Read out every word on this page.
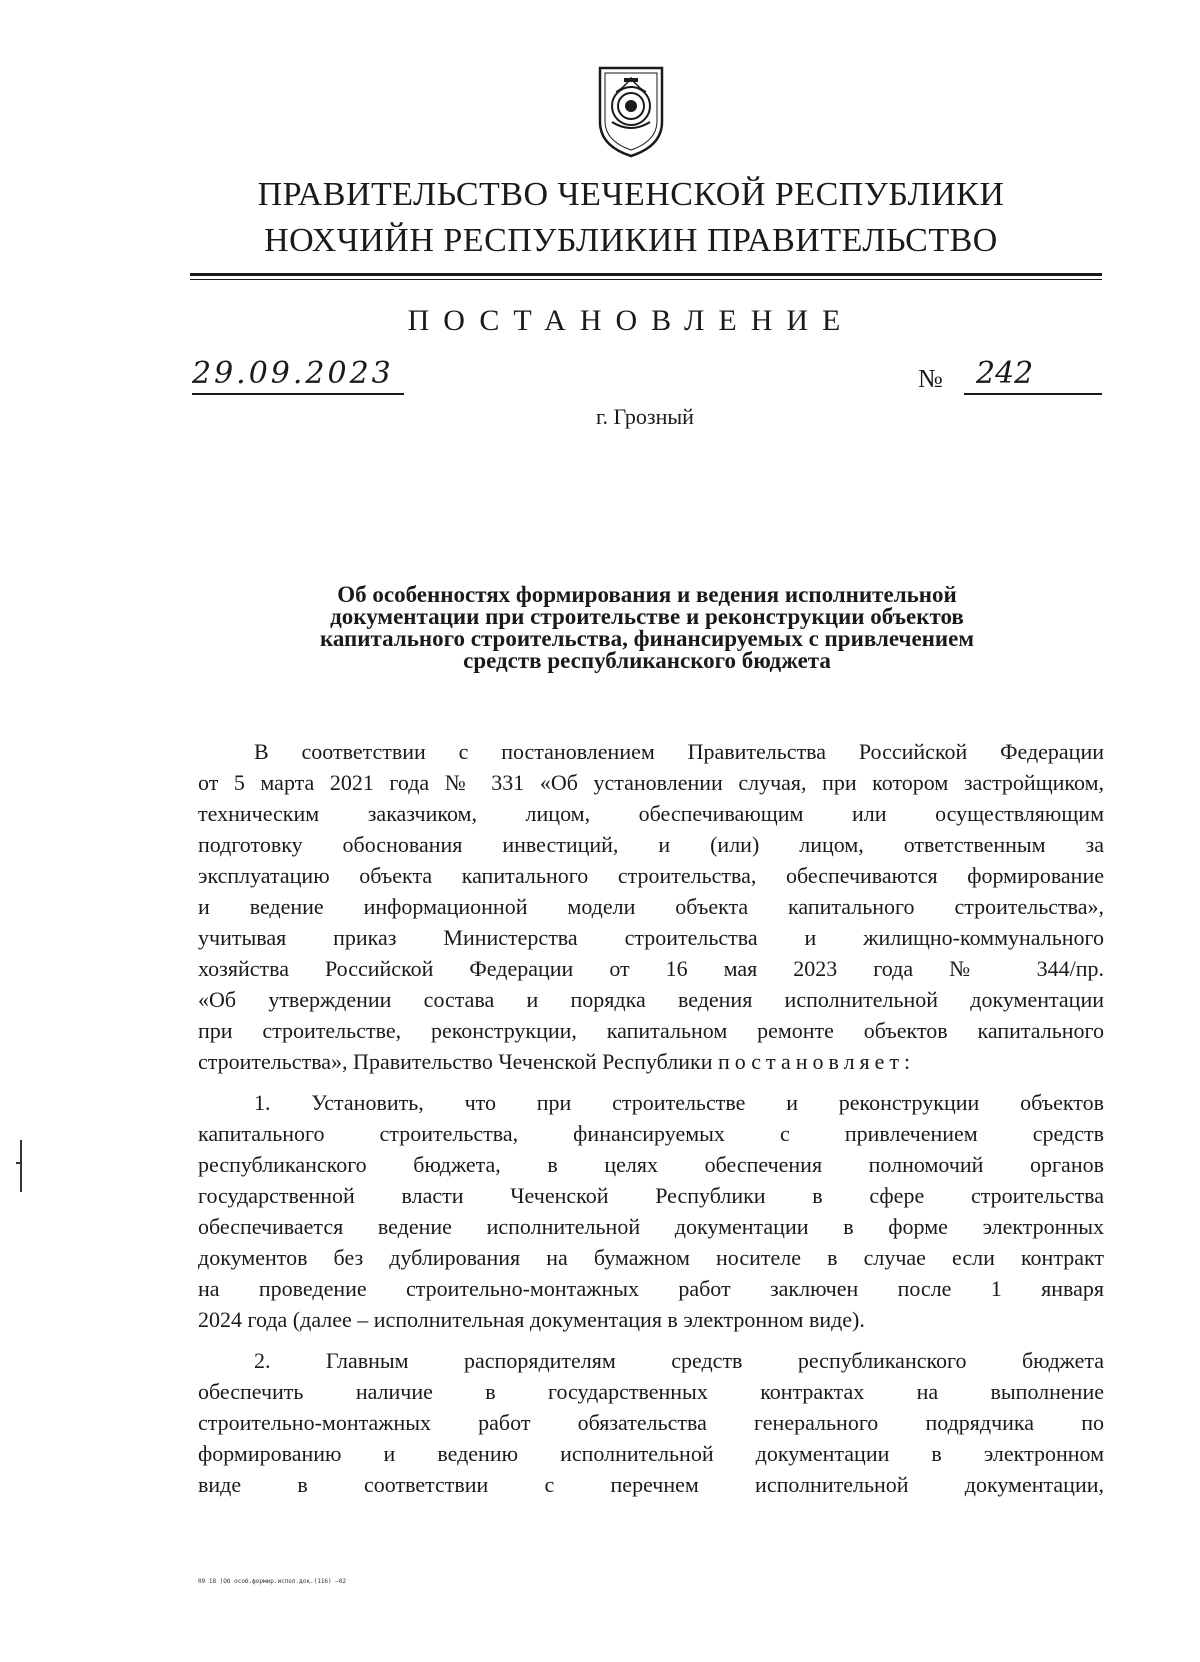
ПРАВИТЕЛЬСТВО ЧЕЧЕНСКОЙ РЕСПУБЛИКИ
НОХЧИЙН РЕСПУБЛИКИН ПРАВИТЕЛЬСТВО
ПОСТАНОВЛЕНИЕ
29.09.2023	№	242
г. Грозный
Об особенностях формирования и ведения исполнительной
документации при строительстве и реконструкции объектов
капитального строительства, финансируемых с привлечением
средств республиканского бюджета
В соответствии с постановлением Правительства Российской Федерации
от 5 марта 2021 года № 331 «Об установлении случая, при котором застройщиком,
техническим заказчиком, лицом, обеспечивающим или осуществляющим
подготовку обоснования инвестиций, и (или) лицом, ответственным за
эксплуатацию объекта капитального строительства, обеспечиваются формирование
и ведение информационной модели объекта капитального строительства»,
учитывая приказ Министерства строительства и жилищно-коммунального
хозяйства Российской Федерации от 16 мая 2023 года № 344/пр.
«Об утверждении состава и порядка ведения исполнительной документации
при строительстве, реконструкции, капитальном ремонте объектов капитального
строительства», Правительство Чеченской Республики постановляет:
1. Установить, что при строительстве и реконструкции объектов
капитального строительства, финансируемых с привлечением средств
республиканского бюджета, в целях обеспечения полномочий органов
государственной власти Чеченской Республики в сфере строительства
обеспечивается ведение исполнительной документации в форме электронных
документов без дублирования на бумажном носителе в случае если контракт
на проведение строительно-монтажных работ заключен после 1 января
2024 года (далее – исполнительная документация в электронном виде).
2. Главным распорядителям средств республиканского бюджета
обеспечить наличие в государственных контрактах на выполнение
строительно-монтажных работ обязательства генерального подрядчика по
формированию и ведению исполнительной документации в электронном
виде в соответствии с перечнем исполнительной документации,
09 18 (Об особ.формир.испол.док.(116) —02
